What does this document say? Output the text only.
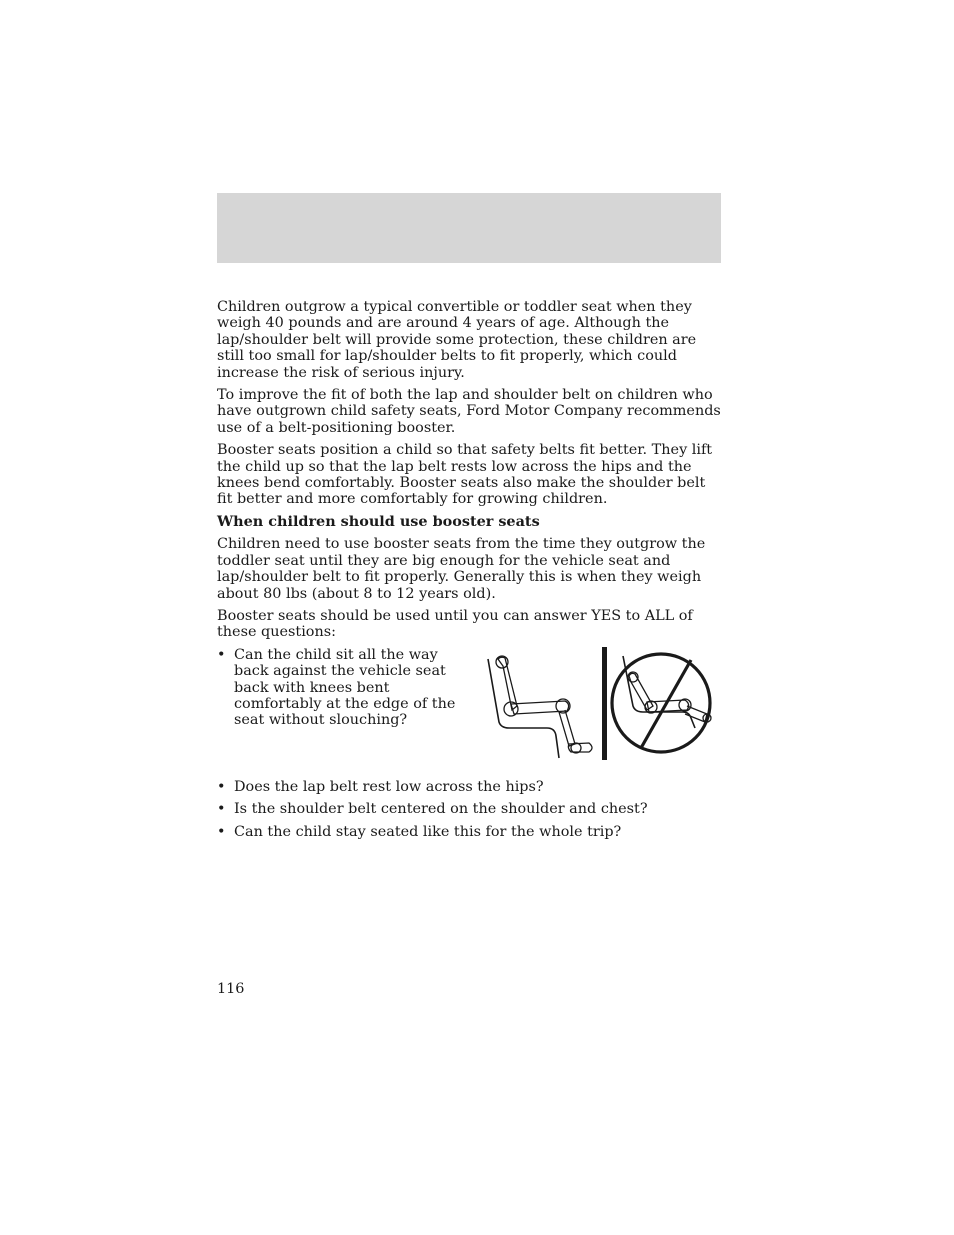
Children outgrow a typical convertible or toddler seat when they weigh 40 pounds and are around 4 years of age. Although the lap/shoulder belt will provide some protection, these children are still too small for lap/shoulder belts to fit properly, which could increase the risk of serious injury.

To improve the fit of both the lap and shoulder belt on children who have outgrown child safety seats, Ford Motor Company recommends use of a belt-positioning booster.

Booster seats position a child so that safety belts fit better. They lift the child up so that the lap belt rests low across the hips and the knees bend comfortably. Booster seats also make the shoulder belt fit better and more comfortably for growing children.

When children should use booster seats

Children need to use booster seats from the time they outgrow the toddler seat until they are big enough for the vehicle seat and lap/shoulder belt to fit properly. Generally this is when they weigh about 80 lbs (about 8 to 12 years old).

Booster seats should be used until you can answer YES to ALL of these questions:

• Can the child sit all the way back against the vehicle seat back with knees bent comfortably at the edge of the seat without slouching?
• Does the lap belt rest low across the hips?
• Is the shoulder belt centered on the shoulder and chest?
• Can the child stay seated like this for the whole trip?
116
